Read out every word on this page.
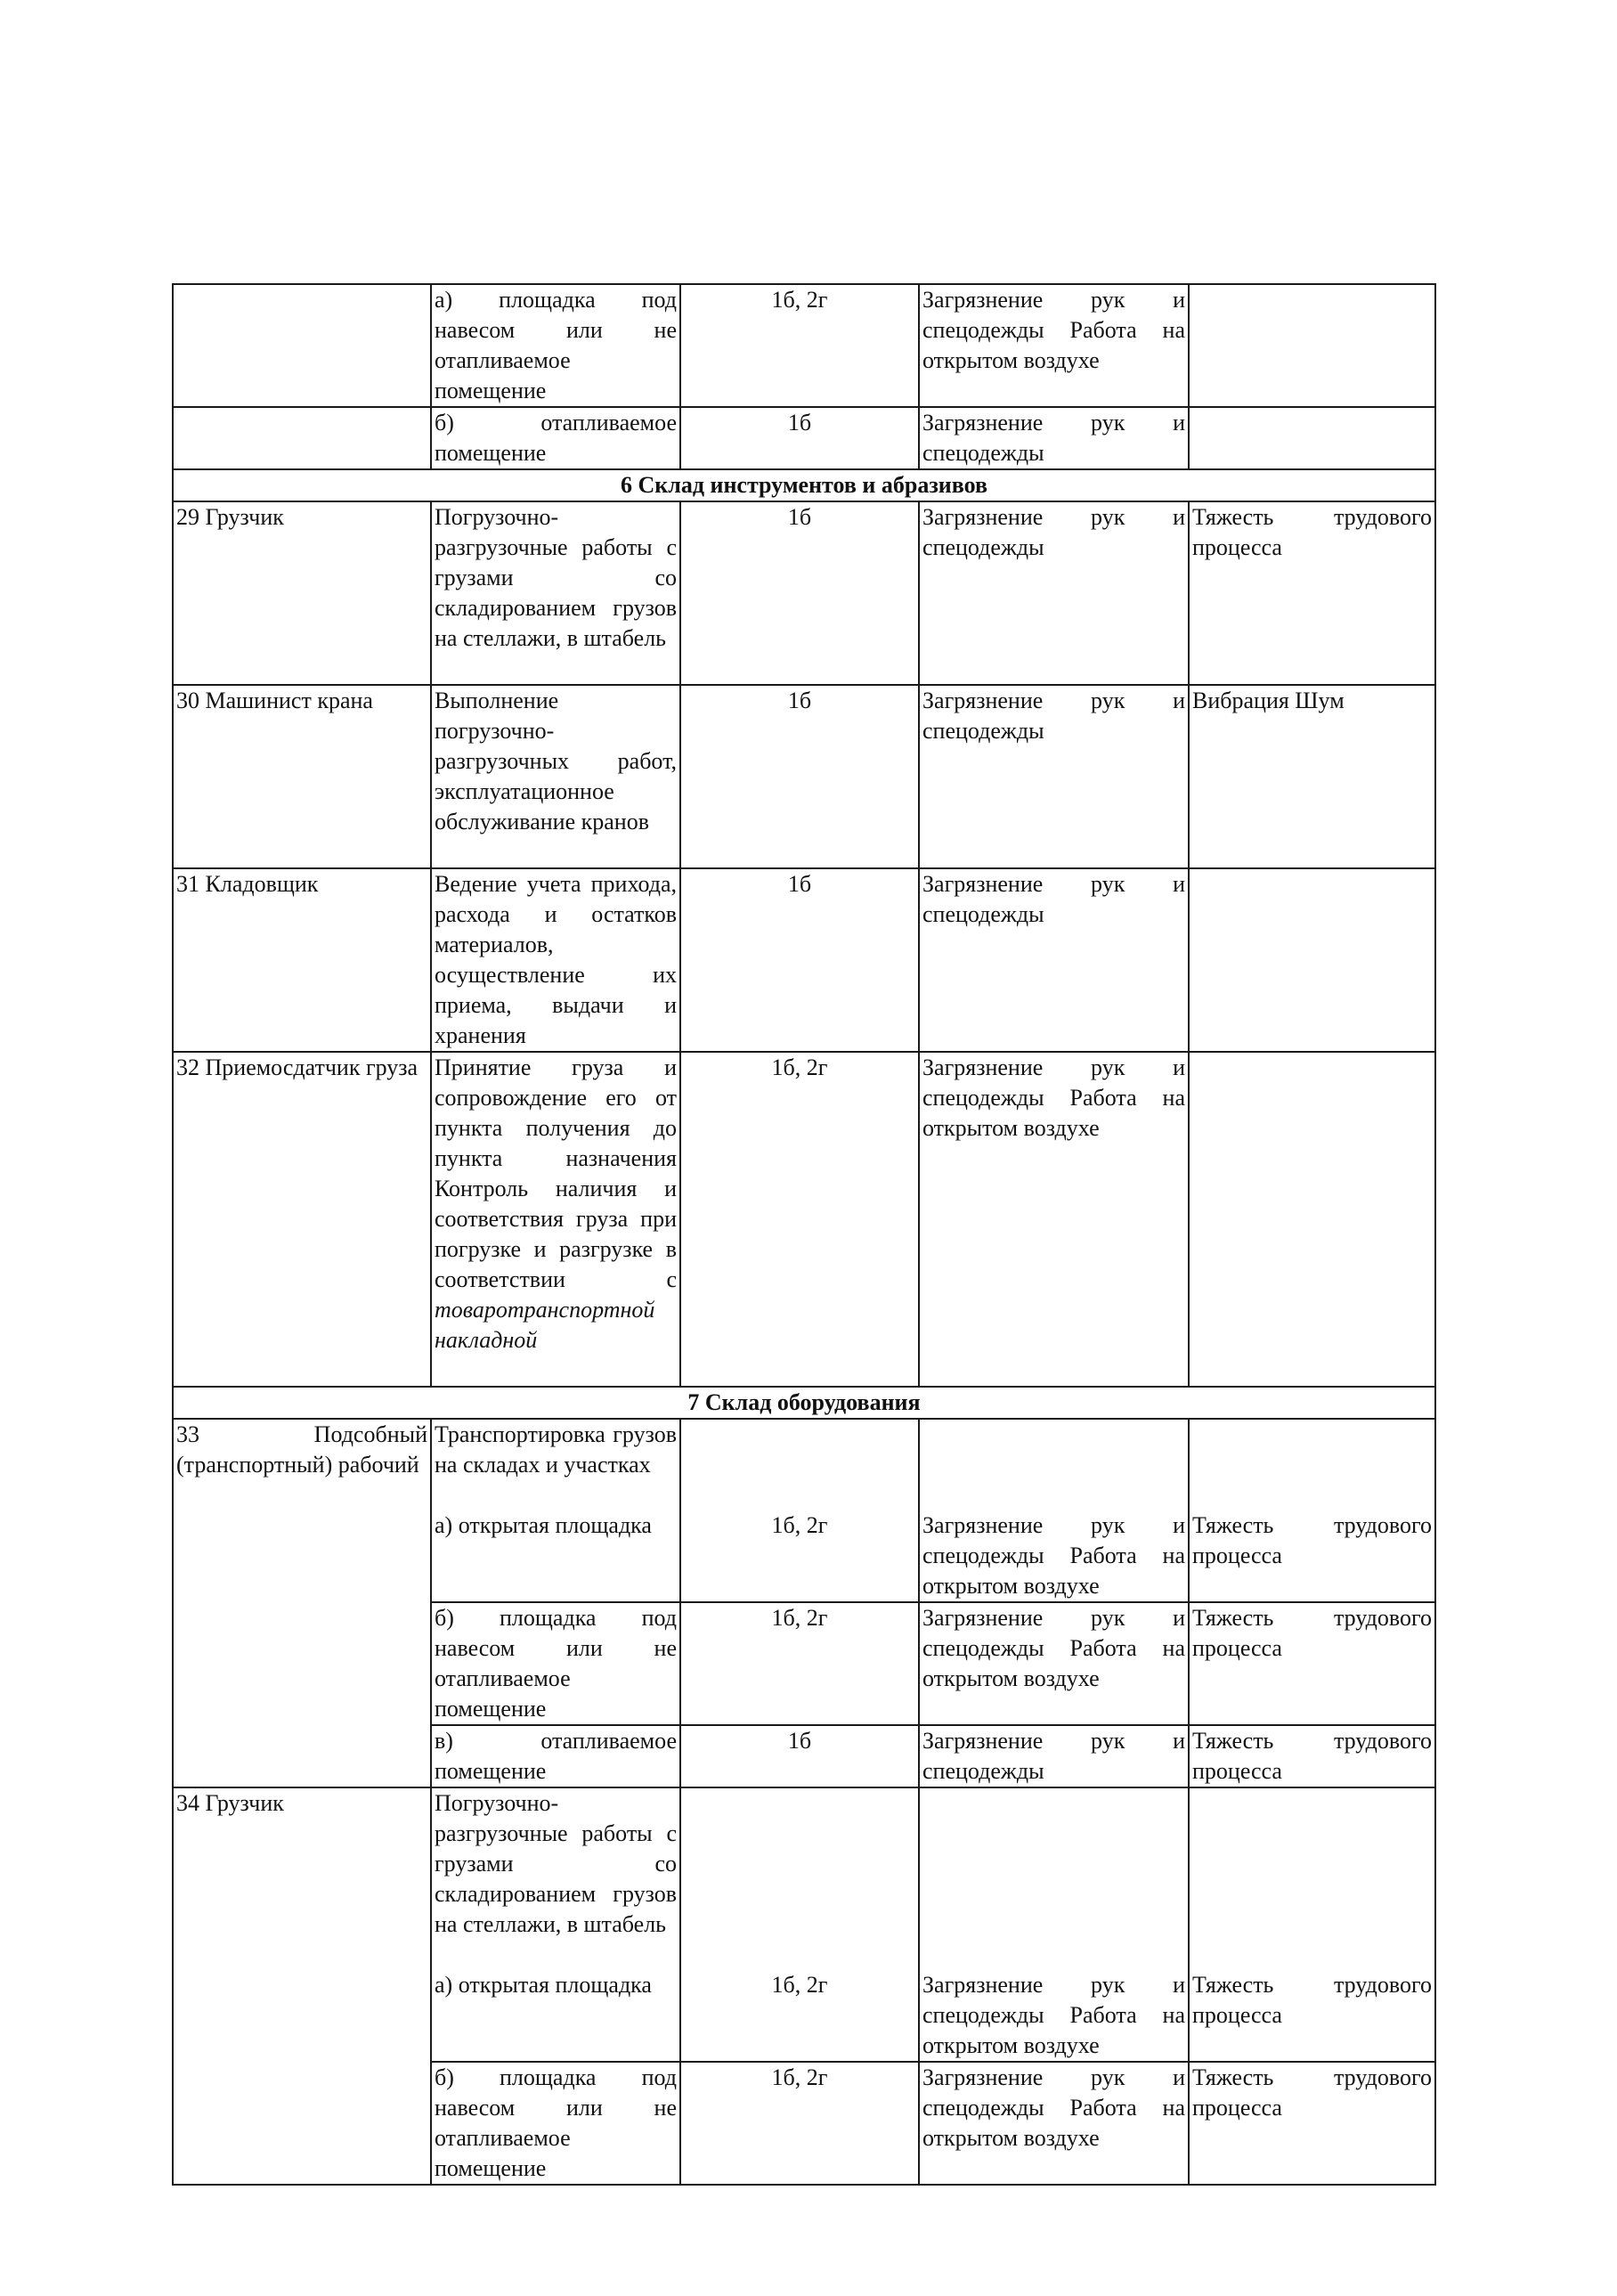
	а) площадка под навесом или не отапливаемое помещение	1б, 2г	Загрязнение рук и спецодежды Работа на открытом воздухе	
	б) отапливаемое помещение	1б	Загрязнение рук и спецодежды	
6 Склад инструментов и абразивов				
29 Грузчик	Погрузочно-разгрузочные работы с грузами со складированием грузов на стеллажи, в штабель	1б	Загрязнение рук и спецодежды	Тяжесть трудового процесса
30 Машинист крана	Выполнение погрузочно-разгрузочных работ, эксплуатационное обслуживание кранов	1б	Загрязнение рук и спецодежды	Вибрация Шум
31 Кладовщик	Ведение учета прихода, расхода и остатков материалов, осуществление их приема, выдачи и хранения	1б	Загрязнение рук и спецодежды	
32 Приемосдатчик груза	Принятие груза и сопровождение его от пункта получения до пункта назначения Контроль наличия и соответствия груза при погрузке и разгрузке в соответствии с товаротранспортной накладной	1б, 2г	Загрязнение рук и спецодежды Работа на открытом воздухе	
7 Склад оборудования				
33 Подсобный (транспортный) рабочий	Транспортировка грузов на складах и участках			
	а) открытая площадка	1б, 2г	Загрязнение рук и спецодежды Работа на открытом воздухе	Тяжесть трудового процесса
	б) площадка под навесом или не отапливаемое помещение	1б, 2г	Загрязнение рук и спецодежды Работа на открытом воздухе	Тяжесть трудового процесса
	в) отапливаемое помещение	1б	Загрязнение рук и спецодежды	Тяжесть трудового процесса
34 Грузчик	Погрузочно-разгрузочные работы с грузами со складированием грузов на стеллажи, в штабель			
	а) открытая площадка	1б, 2г	Загрязнение рук и спецодежды Работа на открытом воздухе	Тяжесть трудового процесса
	б) площадка под навесом или не отапливаемое помещение	1б, 2г	Загрязнение рук и спецодежды Работа на открытом воздухе	Тяжесть трудового процесса
